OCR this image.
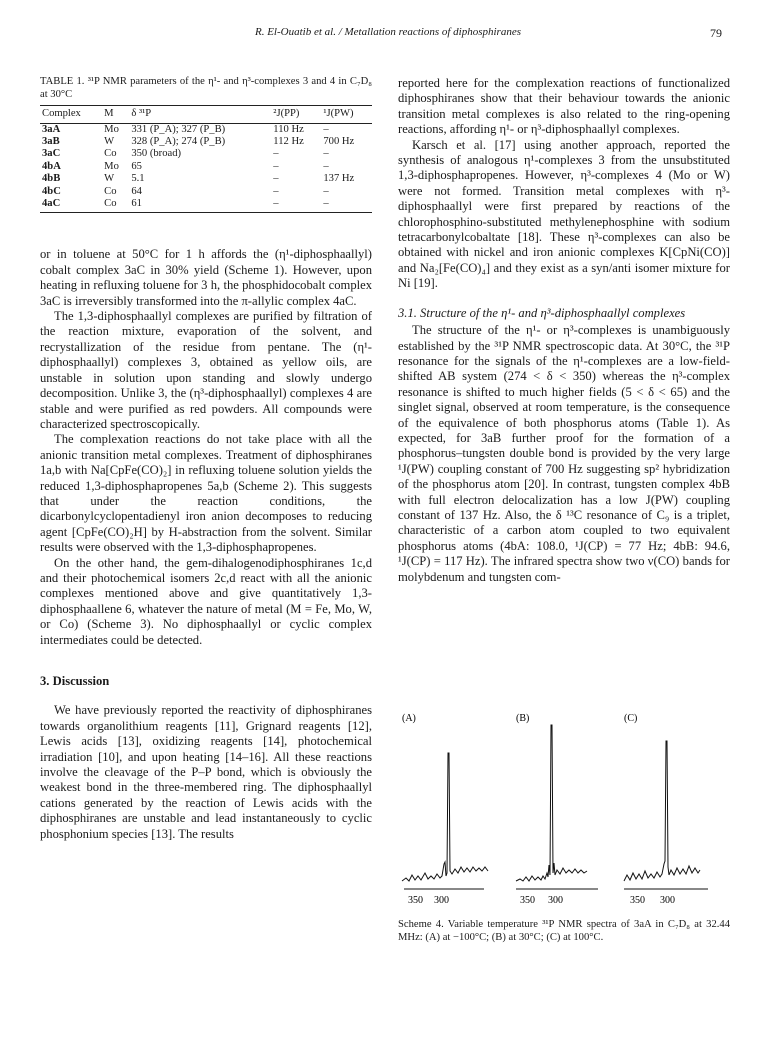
R. El-Ouatib et al. / Metallation reactions of diphosphiranes	79
TABLE 1. ³¹P NMR parameters of the η¹- and η³-complexes 3 and 4 in C₇D₈ at 30°C
Complex	M	δ ³¹P	²J(PP)	¹J(PW)
3aA	Mo	331 (P_A); 327 (P_B)	110 Hz	–
3aB	W	328 (P_A); 274 (P_B)	112 Hz	700 Hz
3aC	Co	350 (broad)	–	–
4bA	Mo	65	–	–
4bB	W	5.1	–	137 Hz
4bC	Co	64	–	–
4aC	Co	61	–	–

or in toluene at 50°C for 1 h affords the (η¹-diphosphaallyl) cobalt complex 3aC in 30% yield (Scheme 1). However, upon heating in refluxing toluene for 3 h, the phosphidocobalt complex 3aC is irreversibly transformed into the π-allylic complex 4aC.

The 1,3-diphosphaallyl complexes are purified by filtration of the reaction mixture, evaporation of the solvent, and recrystallization of the residue from pentane. The (η¹-diphosphaallyl) complexes 3, obtained as yellow oils, are unstable in solution upon standing and slowly undergo decomposition. Unlike 3, the (η³-diphosphaallyl) complexes 4 are stable and were purified as red powders. All compounds were characterized spectroscopically.

The complexation reactions do not take place with all the anionic transition metal complexes. Treatment of diphosphiranes 1a,b with Na[CpFe(CO)₂] in refluxing toluene solution yields the reduced 1,3-diphosphapropenes 5a,b (Scheme 2). This suggests that under the reaction conditions, the dicarbonylcyclopentadienyl iron anion decomposes to reducing agent [CpFe(CO)₂H] by H-abstraction from the solvent. Similar results were observed with the 1,3-diphosphapropenes.

On the other hand, the gem-dihalogenodiphosphiranes 1c,d and their photochemical isomers 2c,d react with all the anionic complexes mentioned above and give quantitatively 1,3-diphosphaallene 6, whatever the nature of metal (M = Fe, Mo, W, or Co) (Scheme 3). No diphosphaallyl or cyclic complex intermediates could be detected.

3. Discussion

We have previously reported the reactivity of diphosphiranes towards organolithium reagents [11], Grignard reagents [12], Lewis acids [13], oxidizing reagents [14], photochemical irradiation [10], and upon heating [14–16]. All these reactions involve the cleavage of the P–P bond, which is obviously the weakest bond in the three-membered ring. The diphosphaallyl cations generated by the reaction of Lewis acids with the diphosphiranes are unstable and lead instantaneously to cyclic phosphonium species [13]. The results

reported here for the complexation reactions of functionalized diphosphiranes show that their behaviour towards the anionic transition metal complexes is also related to the ring-opening reactions, affording η¹- or η³-diphosphaallyl complexes.

Karsch et al. [17] using another approach, reported the synthesis of analogous η¹-complexes 3 from the unsubstituted 1,3-diphosphapropenes. However, η³-complexes 4 (Mo or W) were not formed. Transition metal complexes with η³-diphosphaallyl were first prepared by reactions of the chlorophosphino-substituted methylenephosphine with sodium tetracarbonylcobaltate [18]. These η³-complexes can also be obtained with nickel and iron anionic complexes K[CpNi(CO)] and Na₂[Fe(CO)₄] and they exist as a syn/anti isomer mixture for Ni [19].

3.1. Structure of the η¹- and η³-diphosphaallyl complexes

The structure of the η¹- or η³-complexes is unambiguously established by the ³¹P NMR spectroscopic data. At 30°C, the ³¹P resonance for the signals of the η¹-complexes are a low-field-shifted AB system (274 < δ < 350) whereas the η³-complex resonance is shifted to much higher fields (5 < δ < 65) and the singlet signal, observed at room temperature, is the consequence of the equivalence of both phosphorus atoms (Table 1). As expected, for 3aB further proof for the formation of a phosphorus–tungsten double bond is provided by the very large ¹J(PW) coupling constant of 700 Hz suggesting sp² hybridization of the phosphorus atom [20]. In contrast, tungsten complex 4bB with full electron delocalization has a low J(PW) coupling constant of 137 Hz. Also, the δ ¹³C resonance of C₉ is a triplet, characteristic of a carbon atom coupled to two equivalent phosphorus atoms (4bA: 108.0, ¹J(CP) = 77 Hz; 4bB: 94.6, ¹J(CP) = 117 Hz). The infrared spectra show two ν(CO) bands for molybdenum and tungsten com-

(A)	(B)	(C)
350 300	350 300	350 300
Scheme 4. Variable temperature ³¹P NMR spectra of 3aA in C₇D₈ at 32.44 MHz: (A) at −100°C; (B) at 30°C; (C) at 100°C.
